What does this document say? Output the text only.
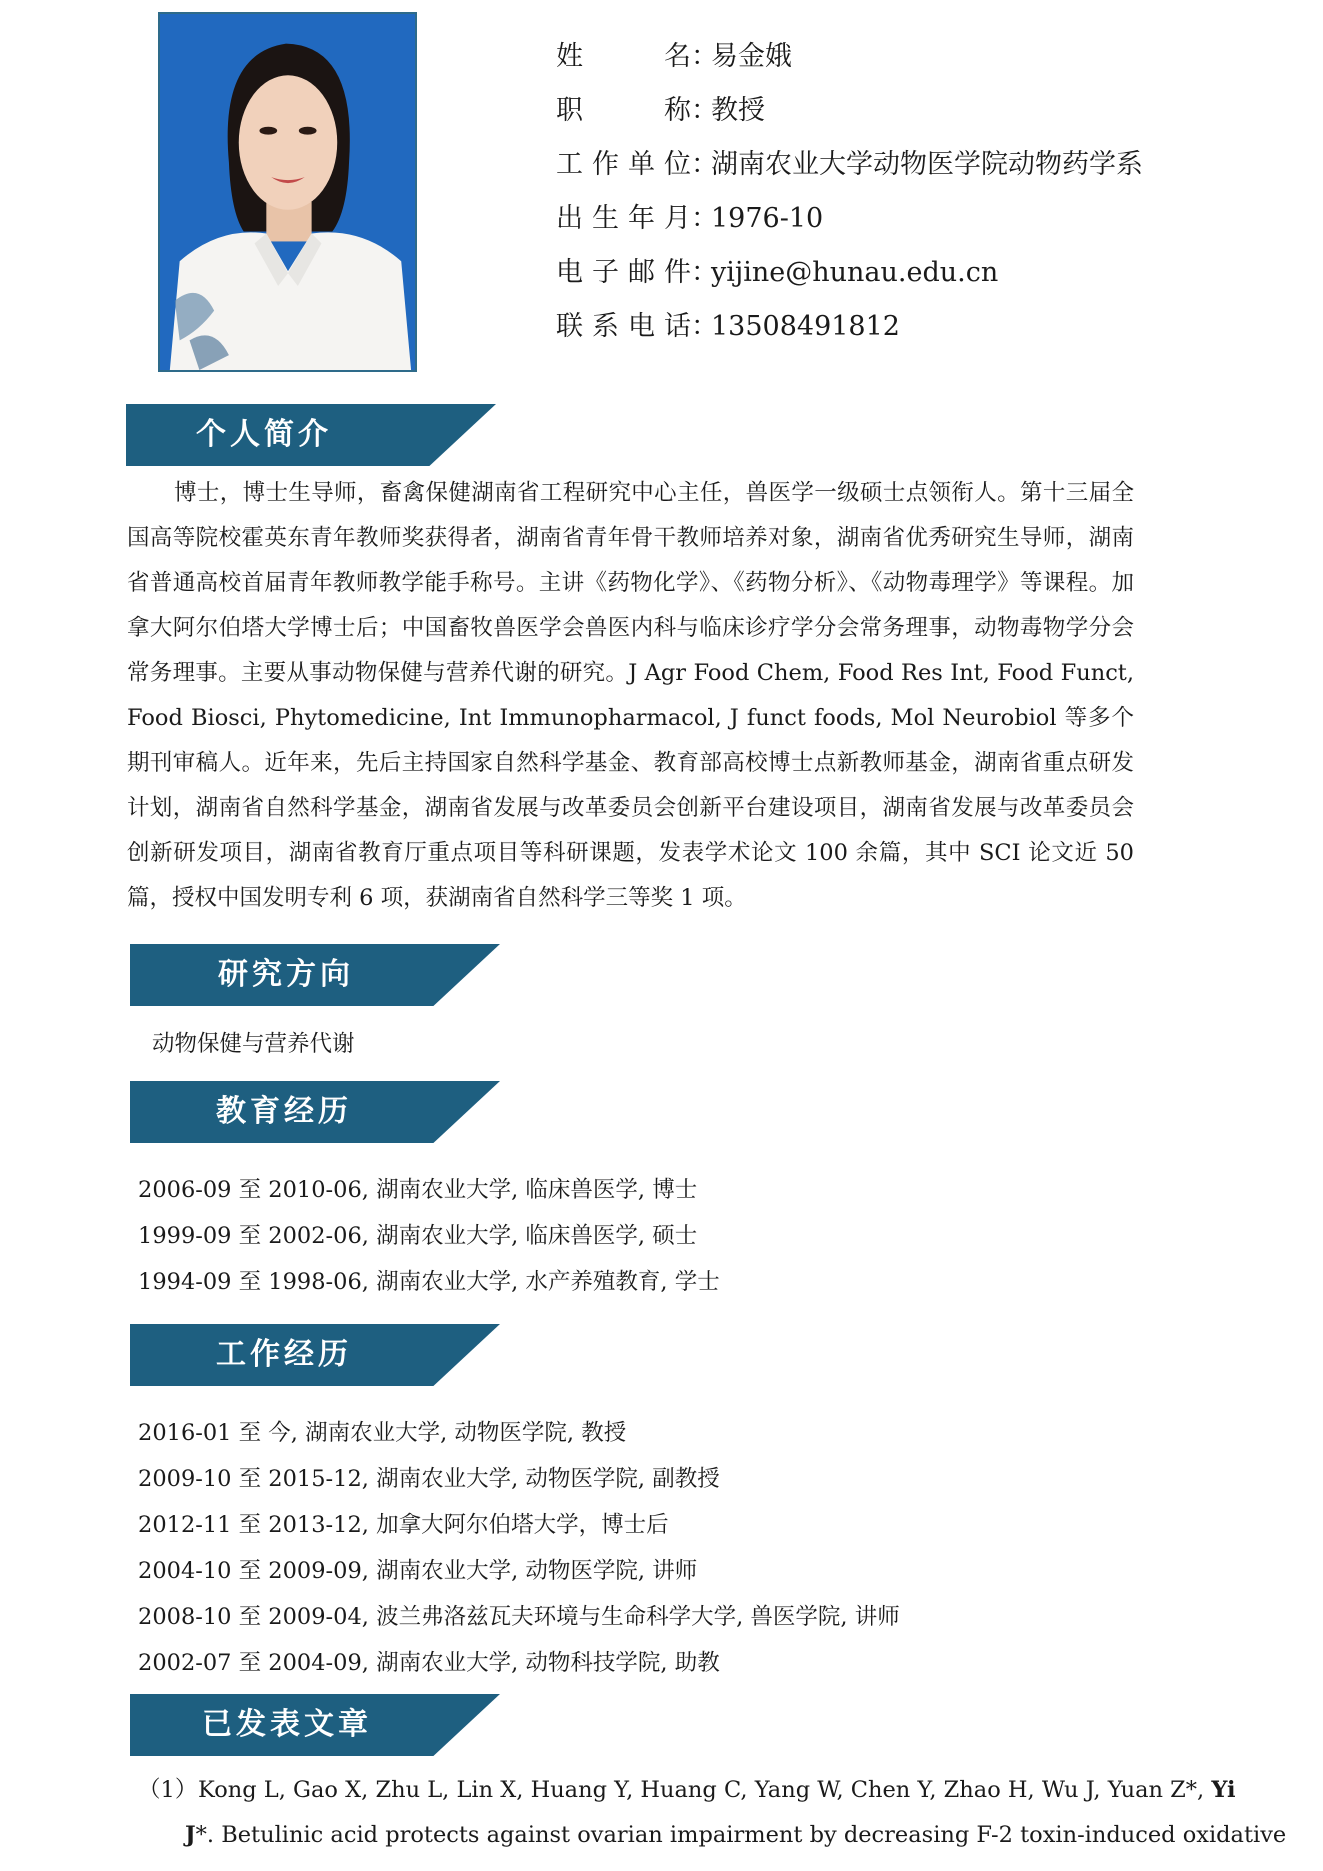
姓　　名：易金娥
职　　称：教授
工作单位：湖南农业大学动物医学院动物药学系
出生年月：1976-10
电子邮件：yijine@hunau.edu.cn
联系电话：13508491812
个人简介
博士，博士生导师，畜禽保健湖南省工程研究中心主任，兽医学一级硕士点领衔人。第十三届全国高等院校霍英东青年教师奖获得者，湖南省青年骨干教师培养对象，湖南省优秀研究生导师，湖南省普通高校首届青年教师教学能手称号。主讲《药物化学》、《药物分析》、《动物毒理学》等课程。加拿大阿尔伯塔大学博士后；中国畜牧兽医学会兽医内科与临床诊疗学分会常务理事，动物毒物学分会常务理事。主要从事动物保健与营养代谢的研究。J Agr Food Chem, Food Res Int, Food Funct, Food Biosci, Phytomedicine, Int Immunopharmacol, J funct foods, Mol Neurobiol 等多个期刊审稿人。近年来，先后主持国家自然科学基金、教育部高校博士点新教师基金，湖南省重点研发计划，湖南省自然科学基金，湖南省发展与改革委员会创新平台建设项目，湖南省发展与改革委员会创新研发项目，湖南省教育厅重点项目等科研课题，发表学术论文 100 余篇，其中 SCI 论文近 50 篇，授权中国发明专利 6 项，获湖南省自然科学三等奖 1 项。
研究方向
动物保健与营养代谢
教育经历
2006-09 至 2010-06, 湖南农业大学, 临床兽医学, 博士
1999-09 至 2002-06, 湖南农业大学, 临床兽医学, 硕士
1994-09 至 1998-06, 湖南农业大学, 水产养殖教育, 学士
工作经历
2016-01 至 今, 湖南农业大学, 动物医学院, 教授
2009-10 至 2015-12, 湖南农业大学, 动物医学院, 副教授
2012-11 至 2013-12, 加拿大阿尔伯塔大学，博士后
2004-10 至 2009-09, 湖南农业大学, 动物医学院, 讲师
2008-10 至 2009-04, 波兰弗洛兹瓦夫环境与生命科学大学, 兽医学院, 讲师
2002-07 至 2004-09, 湖南农业大学, 动物科技学院, 助教
已发表文章
（1）Kong L, Gao X, Zhu L, Lin X, Huang Y, Huang C, Yang W, Chen Y, Zhao H, Wu J, Yuan Z*, Yi
J*. Betulinic acid protects against ovarian impairment by decreasing F-2 toxin-induced oxidative
